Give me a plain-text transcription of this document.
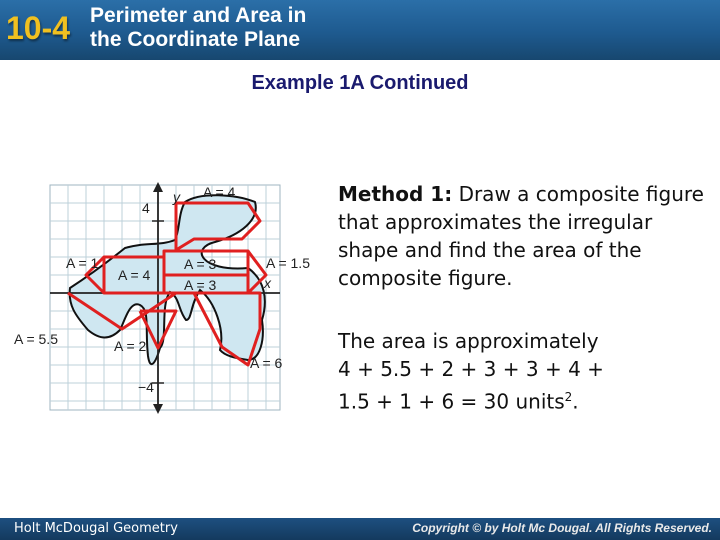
10-4 Perimeter and Area in
the Coordinate Plane
Example 1A Continued
y
x
4
−4
A = 4
A = 1
A = 4
A = 3
A = 3
A = 1.5
A = 5.5	A = 2
A = 6
Method 1: Draw a composite figure that approximates the irregular shape and find the area of the composite figure.
The area is approximately
4 + 5.5 + 2 + 3 + 3 + 4 +
1.5 + 1 + 6 = 30 units$^2$.
Holt McDougal Geometry	Copyright © by Holt Mc Dougal. All Rights Reserved.
